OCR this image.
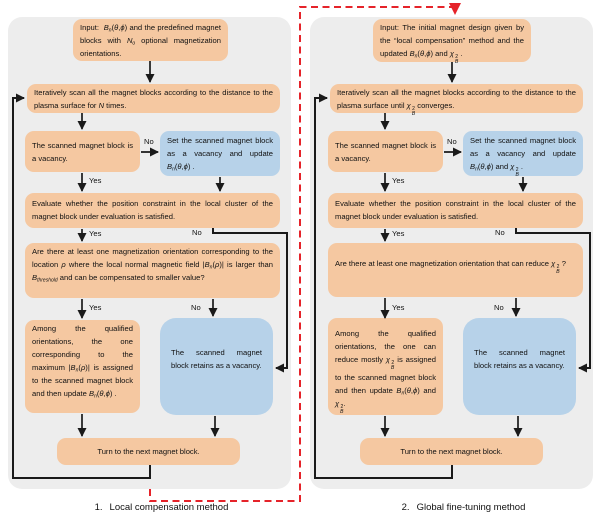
Input:  $B_n(\theta,\phi)$ and the predefined magnet blocks with $N_o$ optional magnetization orientations.
Iteratively scan all the magnet blocks according to the distance to the plasma surface for N times.
The scanned magnet block is a vacancy.
Set the scanned magnet block as a vacancy and update $B_n(\theta,\phi)$ .
Evaluate whether the position constraint in the local cluster of the magnet block under evaluation is satisfied.
Are there at least one magnetization orientation corresponding to the location ρ where the local normal magnetic field $|B_n(\rho)|$ is larger than $B_{threshold}$ and can be compensated to smaller value?
Among the qualified orientations, the one corresponding to the maximum $|B_n(\rho)|$ is assigned to the scanned magnet block and then update $B_n(\theta,\phi)$ .
The scanned magnet block retains as a vacancy.
Turn to the next magnet block.
Input: The initial magnet design given by the “local compensation” method and the updated $B_n(\theta,\phi)$ and χ 2
B
.
Iteratively scan all the magnet blocks according to the distance to the plasma surface until χ 2
B
converges.
The scanned magnet block is a vacancy.
Set the scanned magnet block as a vacancy and update $B_n(\theta,\phi)$ and χ 2
B
.
Evaluate whether the position constraint in the local cluster of the magnet block under evaluation is satisfied.
Are there at least one magnetization orientation that can reduce χ 2
B
?
Among the qualified orientations, the one can reduce mostly χ 2
B
is assigned to the scanned magnet block and then update $B_n(\theta,\phi)$ and χ 2
B
.
The scanned magnet block retains as a vacancy.
Turn to the next magnet block.
No
Yes
Yes	No
Yes	No
No
Yes
Yes	No
Yes	No
1. Local compensation method	2. Global fine-tuning method
